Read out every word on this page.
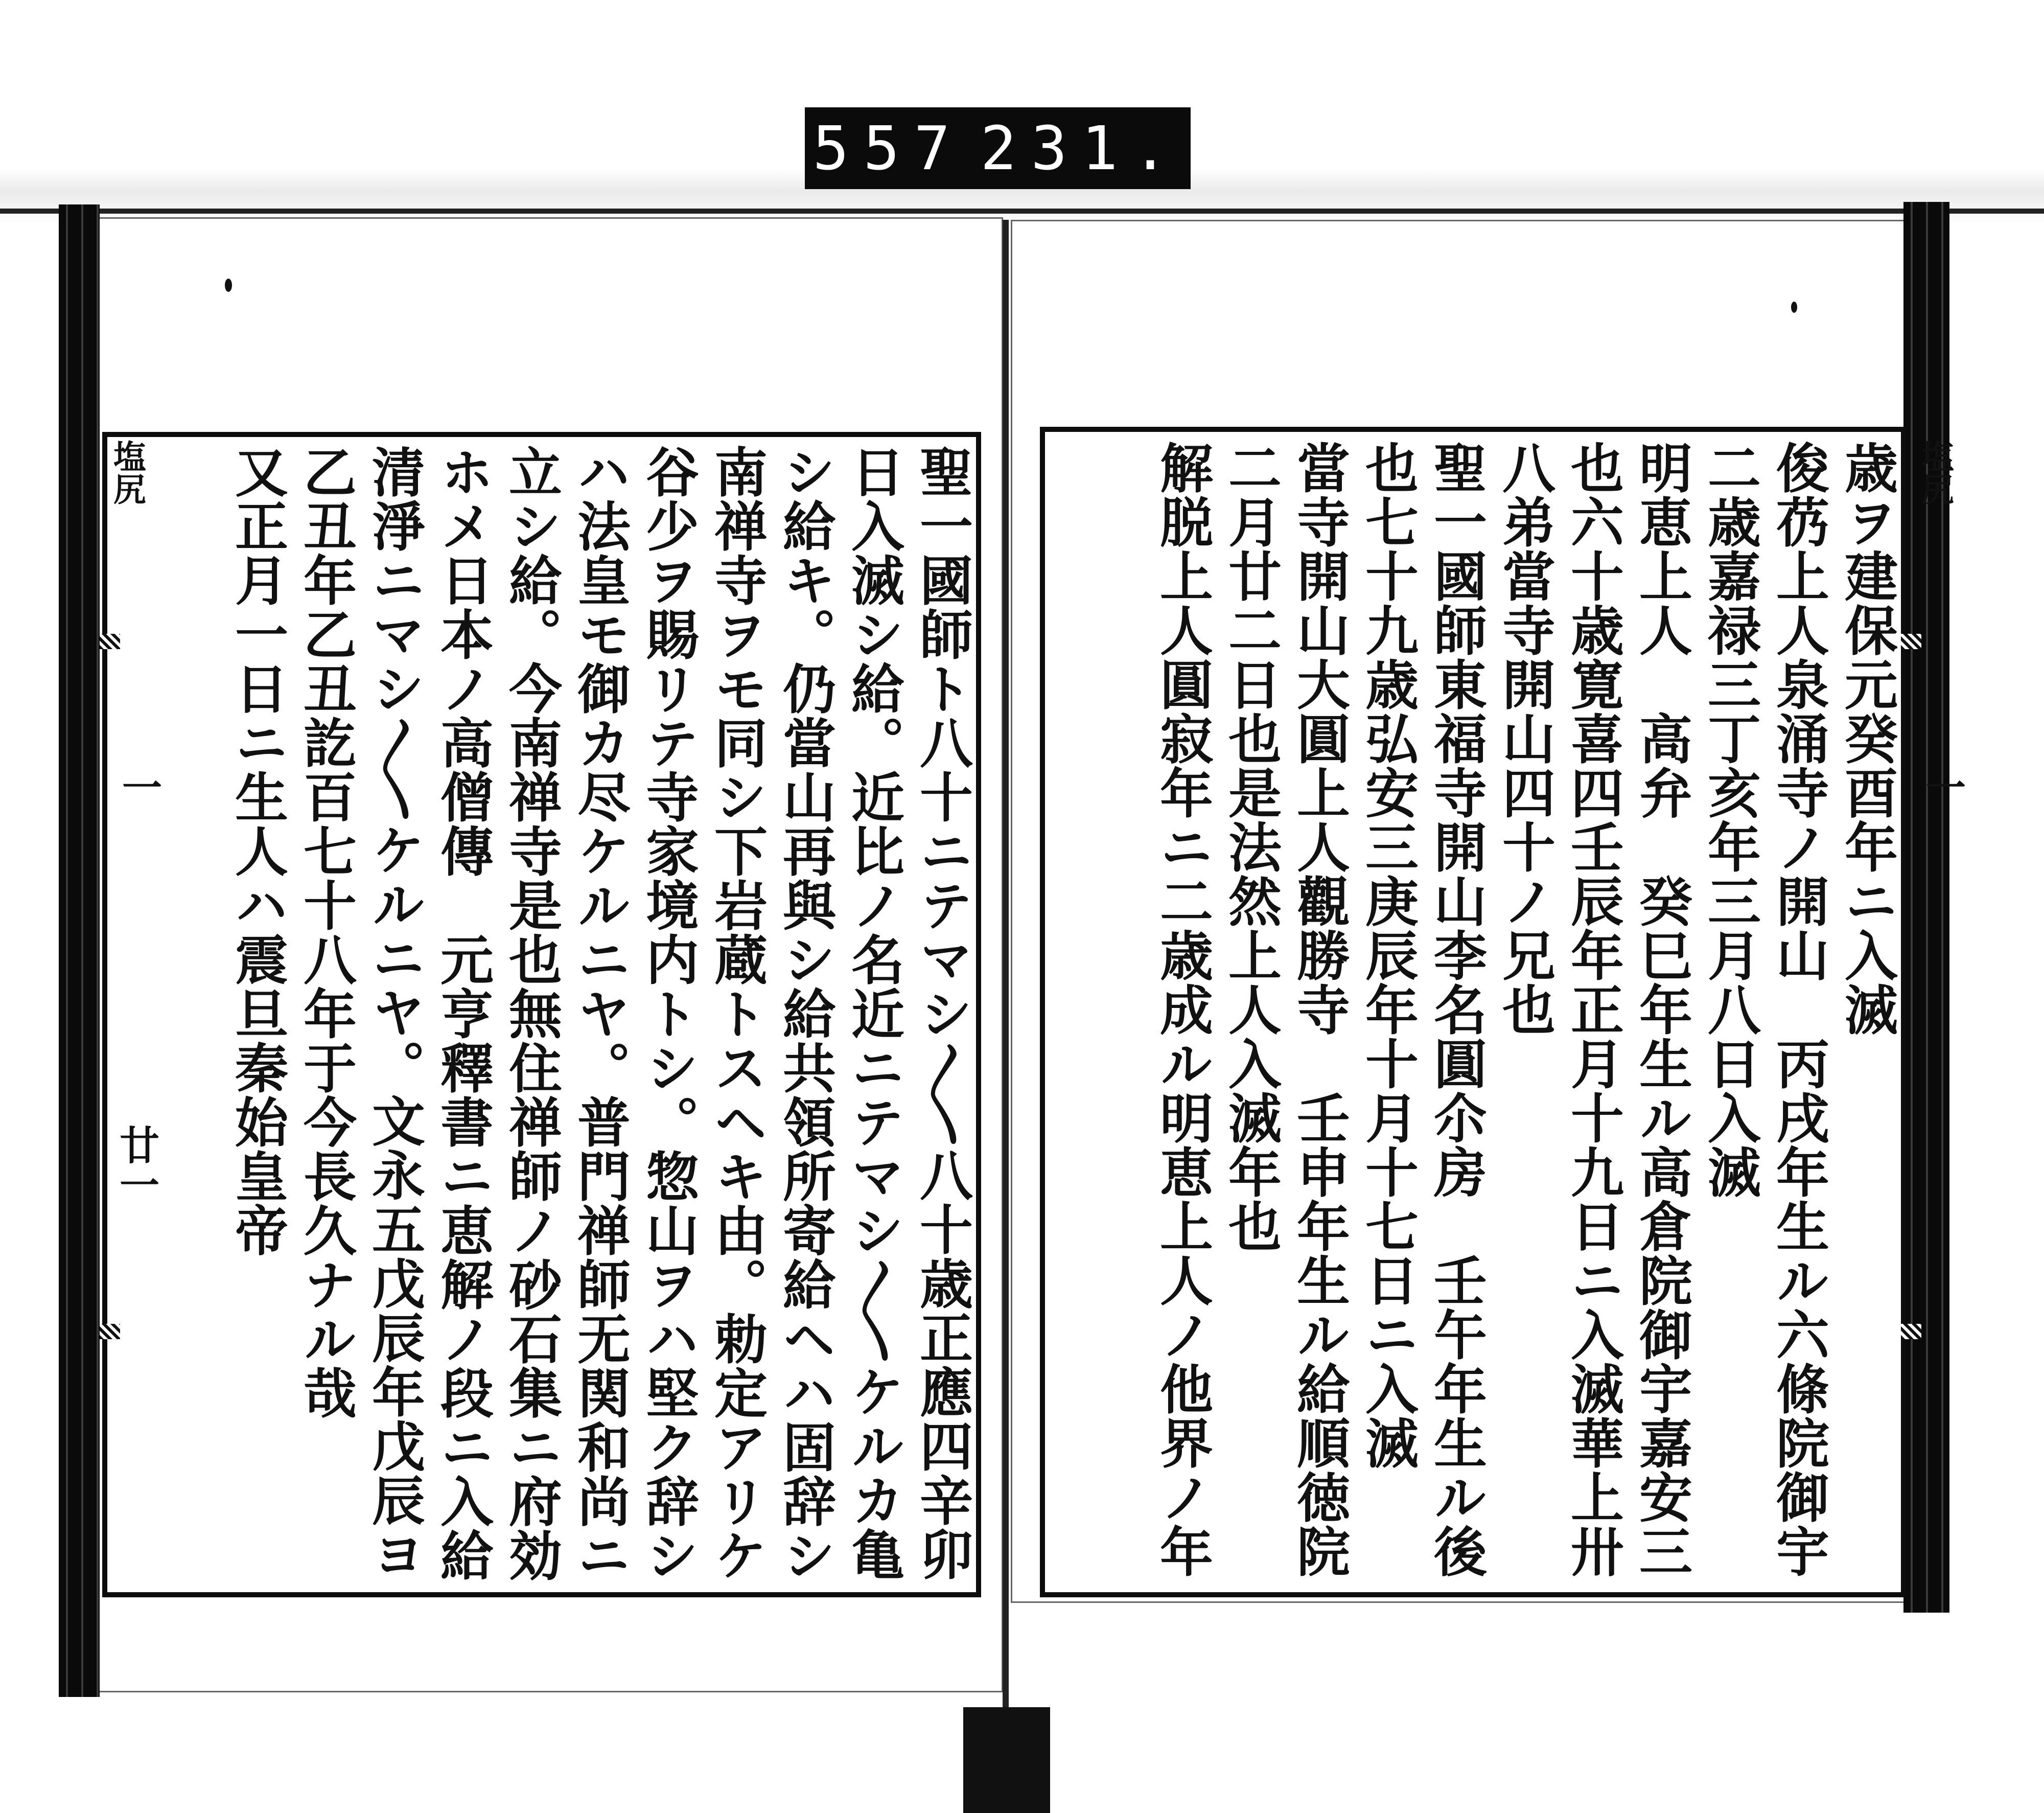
557 231.
塩尻	塩尻
一
廿一
一
聖一國師ト八十ニテマシ〳〵八十歳正應四辛卯
日入滅シ給。近比ノ名近ニテマシ〳〵ケルカ亀
シ給キ。仍當山再與シ給共領所寄給ヘハ固辞シ
南禅寺ヲモ同シ下岩蔵トスヘキ由。勅定アリケ
谷少ヲ賜リテ寺家境内トシ。惣山ヲハ堅ク辞シ
ハ法皇モ御カ尽ケルニヤ。普門禅師无関和尚ニ
立シ給。今南禅寺是也無住禅師ノ砂石集ニ府効
ホメ日本ノ高僧傳　元亨釋書ニ恵解ノ段ニ入給
清淨ニマシ〳〵ケルニヤ。文永五戊辰年戊辰ヨ
乙丑年乙丑訖百七十八年于今長久ナル哉
又正月一日ニ生人ハ震旦秦始皇帝	歳ヲ建保元癸酉年ニ入滅
俊芿上人泉涌寺ノ開山　丙戌年生ル六條院御宇
二歳嘉禄三丁亥年三月八日入滅
明恵上人　高弁　癸巳年生ル高倉院御宇嘉安三
也六十歳寛喜四壬辰年正月十九日ニ入滅華上卅
八弟當寺開山四十ノ兄也
聖一國師東福寺開山李名圓尒房　壬午年生ル後
也七十九歳弘安三庚辰年十月十七日ニ入滅
當寺開山大圓上人觀勝寺　壬申年生ル給順徳院
二月廿二日也是法然上人入滅年也
解脱上人圓寂年ニ二歳成ル明恵上人ノ他界ノ年
